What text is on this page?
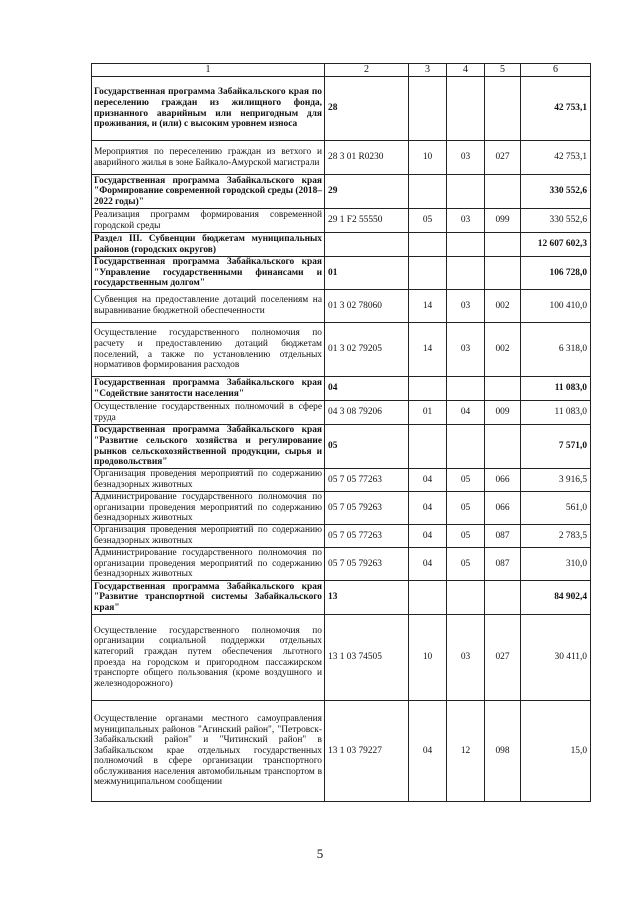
1	2	3	4	5	6
Государственная программа Забайкальского края по переселению граждан из жилищного фонда, признанного аварийным или непригодным для проживания, и (или) с высоким уровнем износа	28				42 753,1
Мероприятия по переселению граждан из ветхого и аварийного жилья в зоне Байкало-Амурской магистрали	28 3 01 R0230	10	03	027	42 753,1
Государственная программа Забайкальского края "Формирование современной городской среды (2018–2022 годы)"	29				330 552,6
Реализация программ формирования современной городской среды	29 1 F2 55550	05	03	099	330 552,6
Раздел III. Субвенции бюджетам муниципальных районов (городских округов)					12 607 602,3
Государственная программа Забайкальского края "Управление государственными финансами и государственным долгом"	01				106 728,0
Субвенция на предоставление дотаций поселениям на выравнивание бюджетной обеспеченности	01 3 02 78060	14	03	002	100 410,0
Осуществление государственного полномочия по расчету и предоставлению дотаций бюджетам поселений, а также по установлению отдельных нормативов формирования расходов	01 3 02 79205	14	03	002	6 318,0
Государственная программа Забайкальского края "Содействие занятости населения"	04				11 083,0
Осуществление государственных полномочий в сфере труда	04 3 08 79206	01	04	009	11 083,0
Государственная программа Забайкальского края "Развитие сельского хозяйства и регулирование рынков сельскохозяйственной продукции, сырья и продовольствия"	05				7 571,0
Организация проведения мероприятий по содержанию безнадзорных животных	05 7 05 77263	04	05	066	3 916,5
Администрирование государственного полномочия по организации проведения мероприятий по содержанию безнадзорных животных	05 7 05 79263	04	05	066	561,0
Организация проведения мероприятий по содержанию безнадзорных животных	05 7 05 77263	04	05	087	2 783,5
Администрирование государственного полномочия по организации проведения мероприятий по содержанию безнадзорных животных	05 7 05 79263	04	05	087	310,0
Государственная программа Забайкальского края "Развитие транспортной системы Забайкальского края"	13				84 902,4
Осуществление государственного полномочия по организации социальной поддержки отдельных категорий граждан путем обеспечения льготного проезда на городском и пригородном пассажирском транспорте общего пользования (кроме воздушного и железнодорожного)	13 1 03 74505	10	03	027	30 411,0
Осуществление органами местного самоуправления муниципальных районов "Агинский район", "Петровск-Забайкальский район" и "Читинский район" в Забайкальском крае отдельных государственных полномочий в сфере организации транспортного обслуживания населения автомобильным транспортом в межмуниципальном сообщении	13 1 03 79227	04	12	098	15,0
5
